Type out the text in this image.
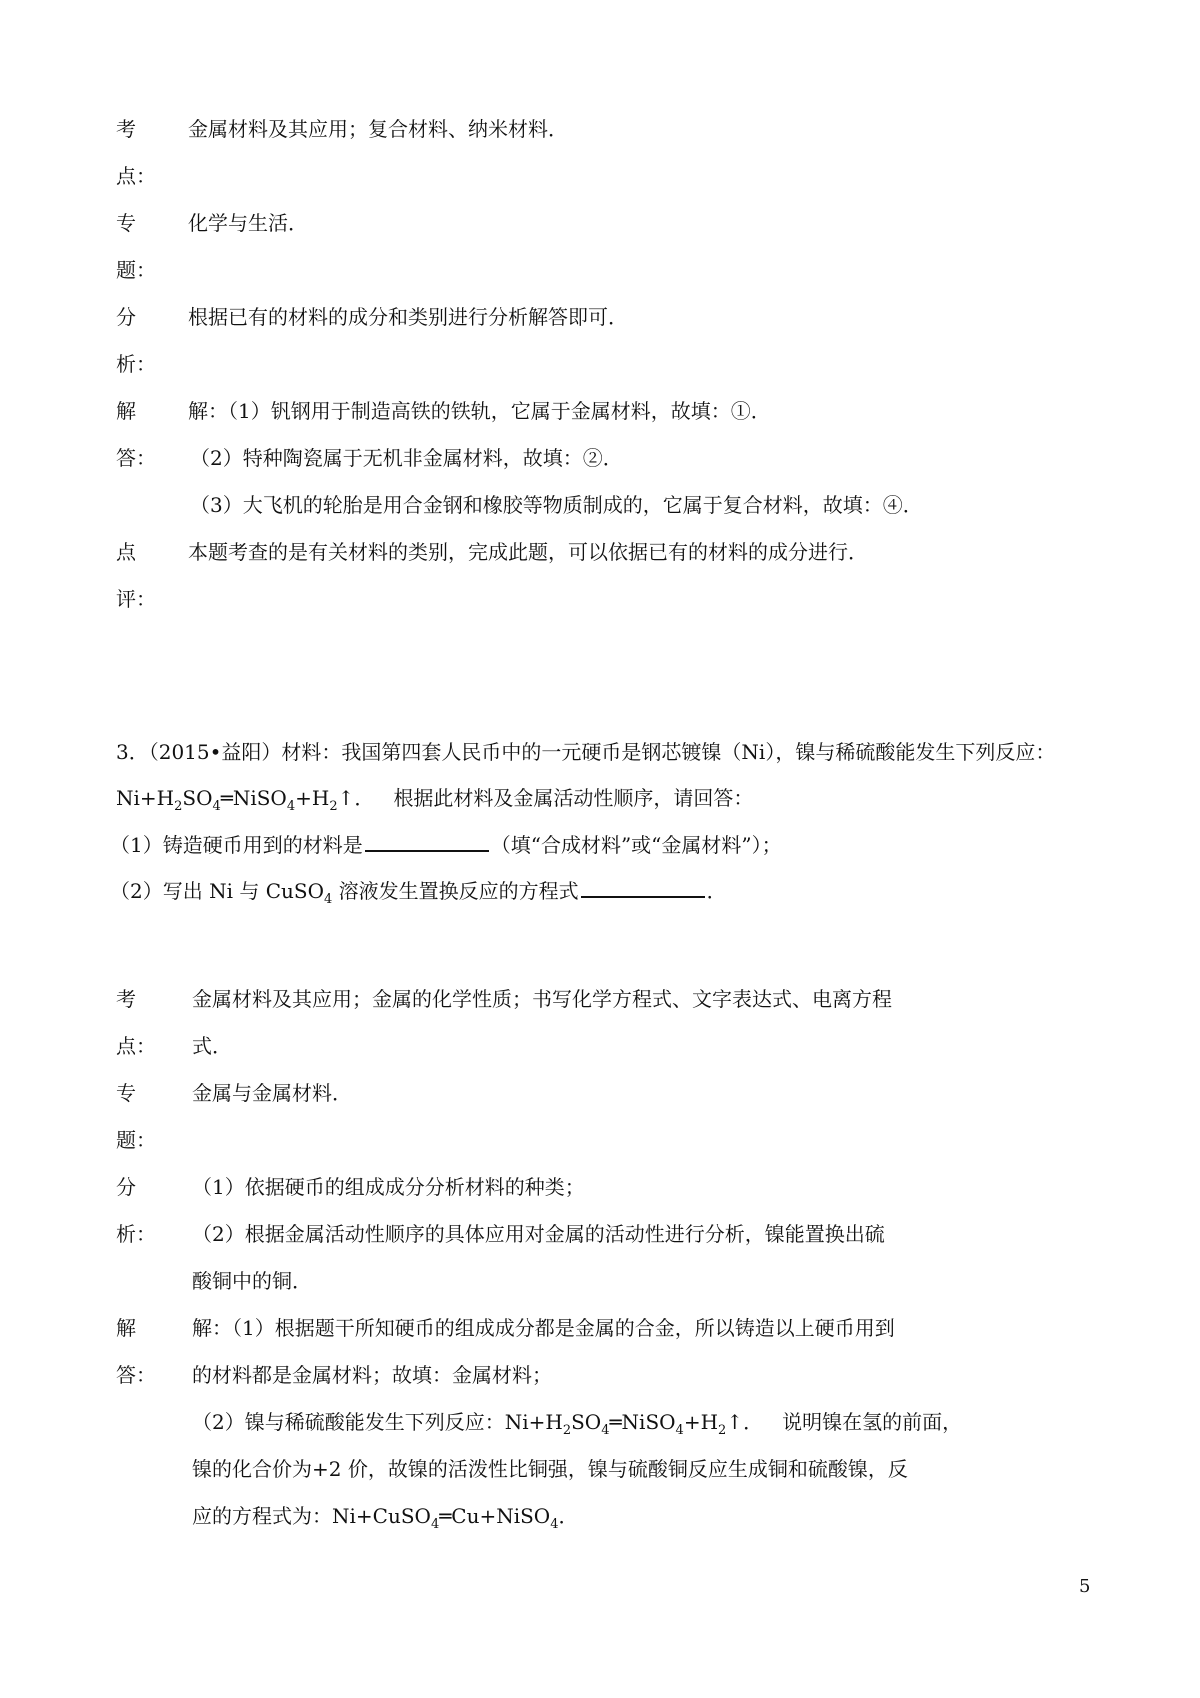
考	金属材料及其应用；复合材料、纳米材料．
点：
专	化学与生活．
题：
分	根据已有的材料的成分和类别进行分析解答即可．
析：
解	解：（1）钒钢用于制造高铁的铁轨，它属于金属材料，故填：①．
答： （2）特种陶瓷属于无机非金属材料，故填：②．
（3）大飞机的轮胎是用合金钢和橡胶等物质制成的，它属于复合材料，故填：④．
点	本题考查的是有关材料的类别，完成此题，可以依据已有的材料的成分进行．
评：
3．（2015•益阳）材料：我国第四套人民币中的一元硬币是钢芯镀镍（Ni），镍与稀硫酸能发生下列反应：
$Ni+H_2SO_4═NiSO_4+H_2↑$． 根据此材料及金属活动性顺序，请回答：
（1）铸造硬币用到的材料是	（填“合成材料”或“金属材料”）；
（2）写出 Ni 与 CuSO$_4$ 溶液发生置换反应的方程式	．
考	金属材料及其应用；金属的化学性质；书写化学方程式、文字表达式、电离方程
点： 式．
专	金属与金属材料．
题：
分	（1）依据硬币的组成成分分析材料的种类；
析： （2）根据金属活动性顺序的具体应用对金属的活动性进行分析，镍能置换出硫
酸铜中的铜．
解	解：（1）根据题干所知硬币的组成成分都是金属的合金，所以铸造以上硬币用到
答： 的材料都是金属材料；故填：金属材料；
（2）镍与稀硫酸能发生下列反应：$Ni+H_2SO_4═NiSO_4+H_2↑$． 说明镍在氢的前面，
镍的化合价为+2 价，故镍的活泼性比铜强，镍与硫酸铜反应生成铜和硫酸镍，反
应的方程式为：Ni+CuSO$_4$═Cu+NiSO$_4$．
5
